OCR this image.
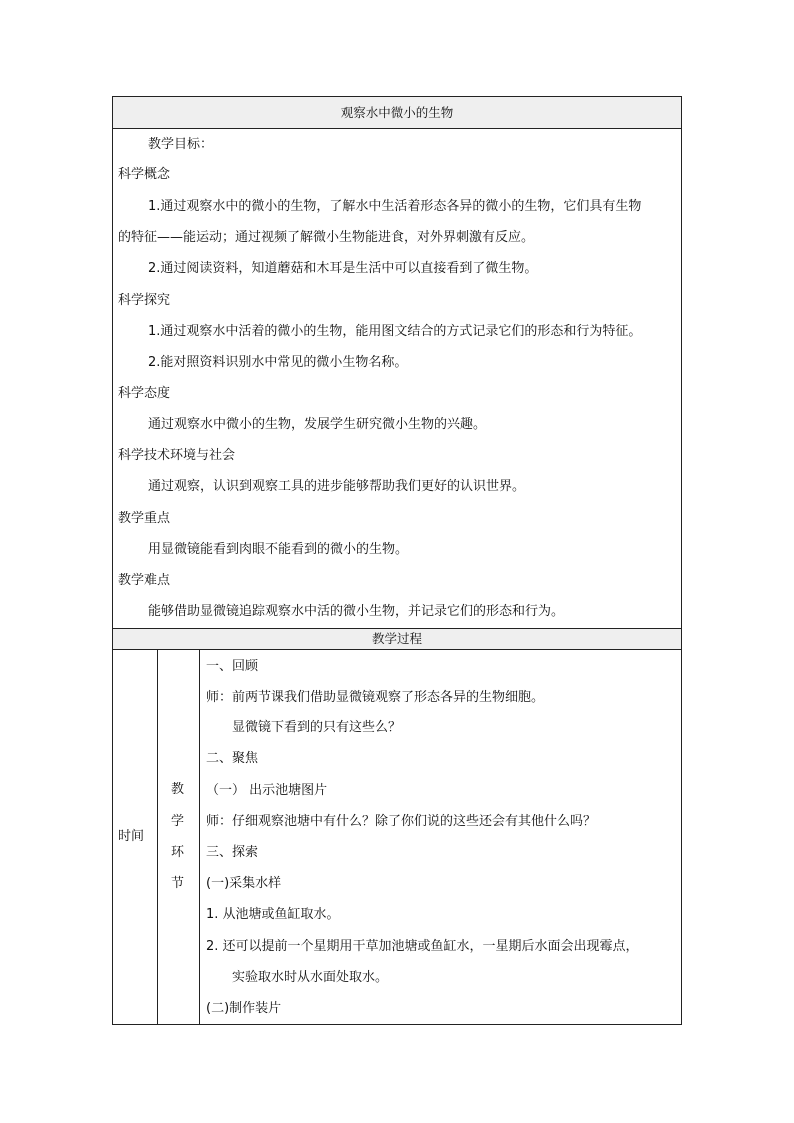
观察水中微小的生物
教学目标：
科学概念
1.通过观察水中的微小的生物，了解水中生活着形态各异的微小的生物，它们具有生物
的特征——能运动；通过视频了解微小生物能进食，对外界刺激有反应。
2.通过阅读资料，知道蘑菇和木耳是生活中可以直接看到了微生物。
科学探究
1.通过观察水中活着的微小的生物，能用图文结合的方式记录它们的形态和行为特征。
2.能对照资料识别水中常见的微小生物名称。
科学态度
通过观察水中微小的生物，发展学生研究微小生物的兴趣。
科学技术环境与社会
通过观察，认识到观察工具的进步能够帮助我们更好的认识世界。
教学重点
用显微镜能看到肉眼不能看到的微小的生物。
教学难点
能够借助显微镜追踪观察水中活的微小生物，并记录它们的形态和行为。
教学过程
时间
教
学
环
节
一、回顾
师：前两节课我们借助显微镜观察了形态各异的生物细胞。
显微镜下看到的只有这些么？
二、聚焦
（一） 出示池塘图片
师：仔细观察池塘中有什么？除了你们说的这些还会有其他什么吗？
三、探索
(一)采集水样
1. 从池塘或鱼缸取水。
2. 还可以提前一个星期用干草加池塘或鱼缸水，一星期后水面会出现霉点，
实验取水时从水面处取水。
(二)制作装片
